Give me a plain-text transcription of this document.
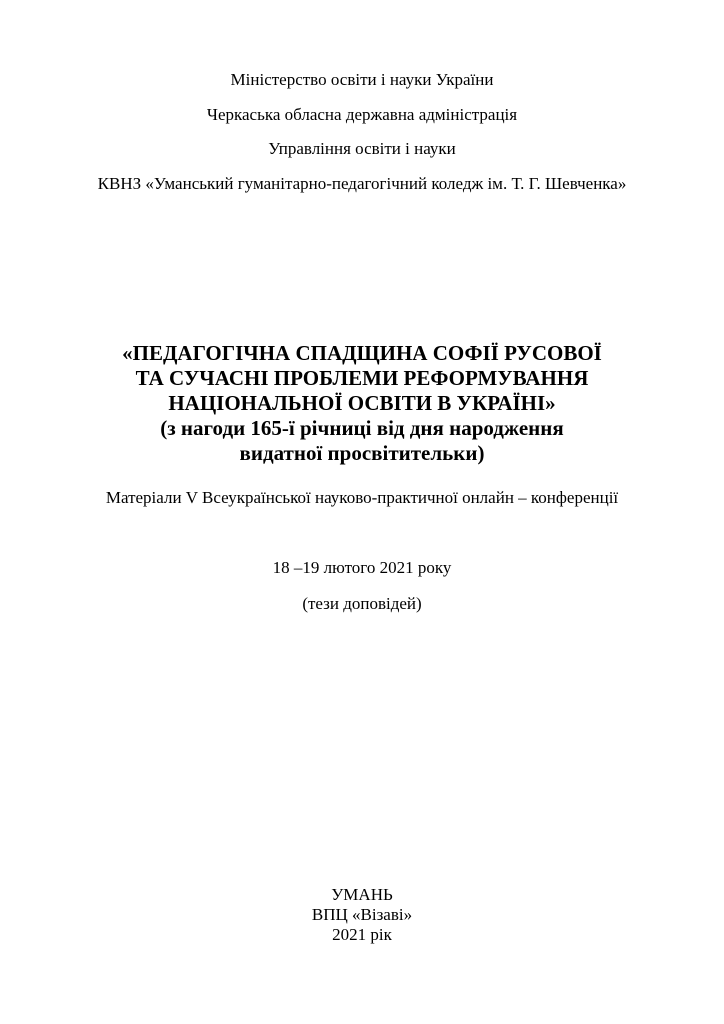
Міністерство освіти і науки України
Черкаська обласна державна адміністрація
Управління освіти і науки
КВНЗ «Уманський гуманітарно-педагогічний коледж ім. Т. Г. Шевченка»
«ПЕДАГОГІЧНА СПАДЩИНА СОФІЇ РУСОВОЇ
ТА СУЧАСНІ ПРОБЛЕМИ РЕФОРМУВАННЯ
НАЦІОНАЛЬНОЇ ОСВІТИ В УКРАЇНІ»
(з нагоди 165-ї річниці від дня народження
видатної просвітительки)
Матеріали V Всеукраїнської науково-практичної онлайн – конференції
18 –19 лютого 2021 року
(тези доповідей)
УМАНЬ
ВПЦ «Візаві»
2021 рік
